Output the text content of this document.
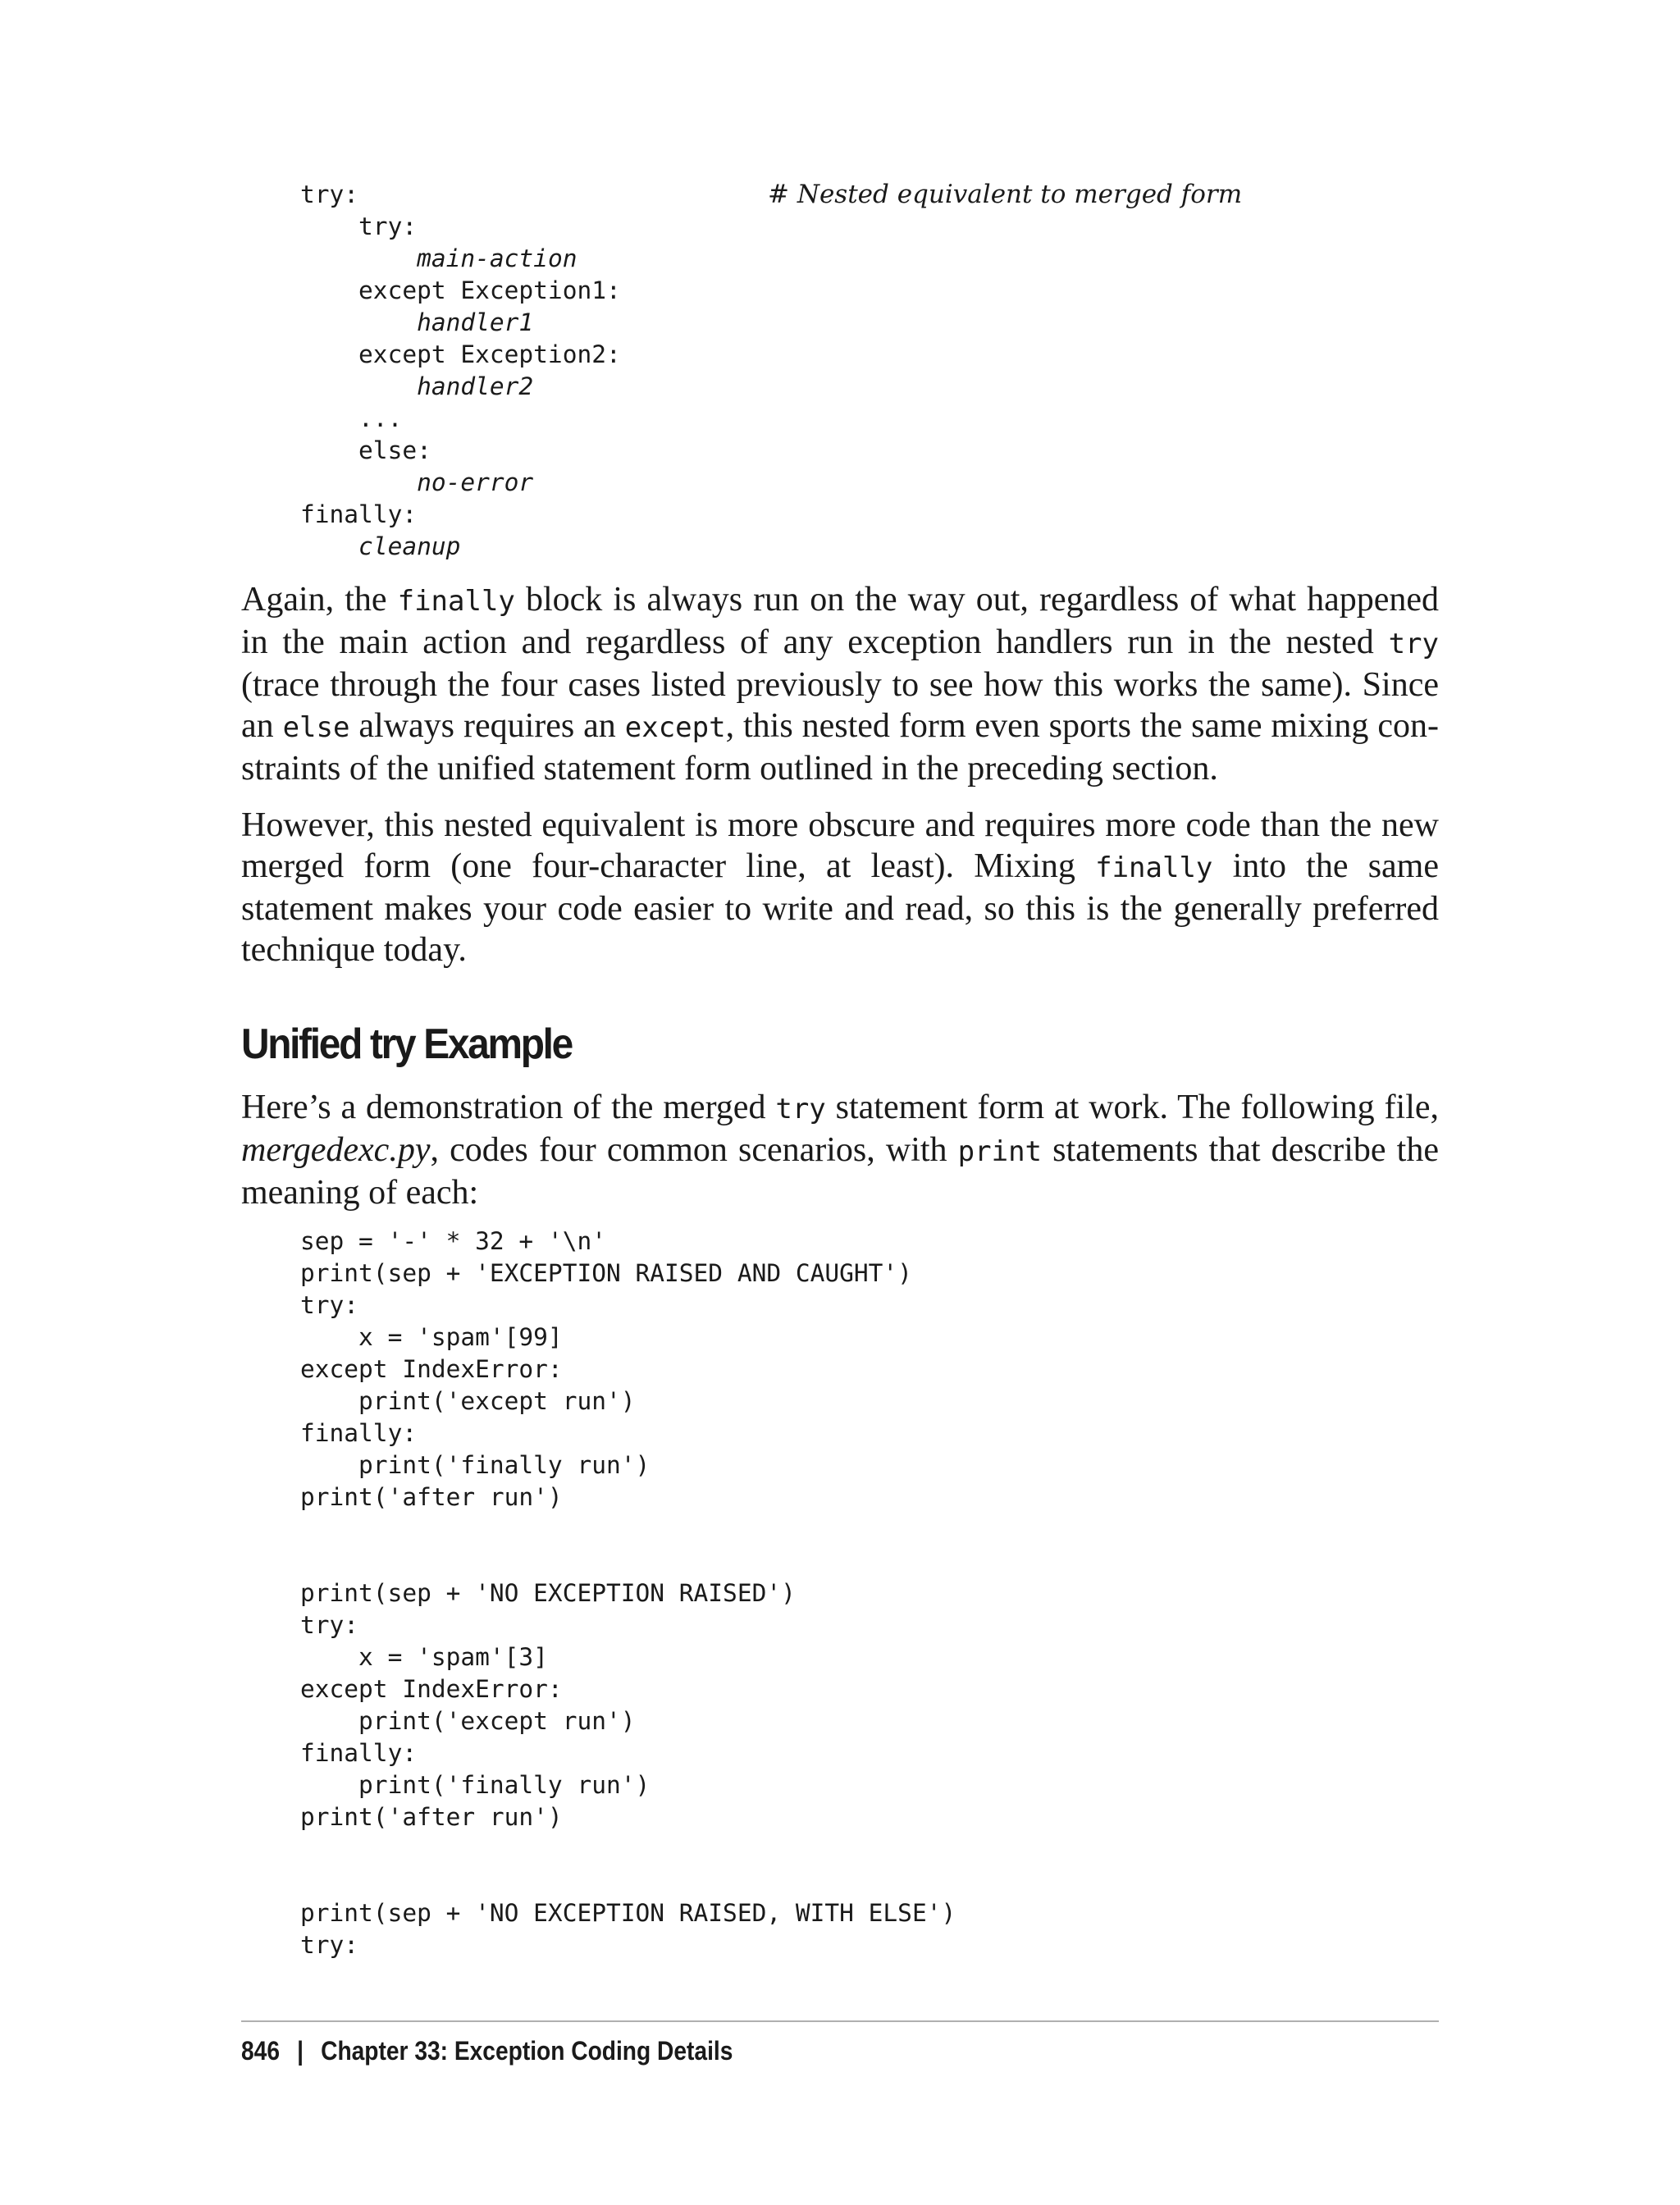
try:
try:
main-action
except Exception1:
handler1
except Exception2:
handler2
...
else:
no-error
finally:
cleanup
# Nested equivalent to merged form

Again, the finally block is always run on the way out, regardless of what happened in the main action and regardless of any exception handlers run in the nested try (trace through the four cases listed previously to see how this works the same). Since an else always requires an except, this nested form even sports the same mixing constraints of the unified statement form outlined in the preceding section.

However, this nested equivalent is more obscure and requires more code than the new merged form (one four-character line, at least). Mixing finally into the same statement makes your code easier to write and read, so this is the generally preferred technique today.

Unified try Example

Here’s a demonstration of the merged try statement form at work. The following file, mergedexc.py, codes four common scenarios, with print statements that describe the meaning of each:

sep = '-' * 32 + '\n'
print(sep + 'EXCEPTION RAISED AND CAUGHT')
try:
x = 'spam'[99]
except IndexError:
print('except run')
finally:
print('finally run')
print('after run')
print(sep + 'NO EXCEPTION RAISED')
try:
x = 'spam'[3]
except IndexError:
print('except run')
finally:
print('finally run')
print('after run')
print(sep + 'NO EXCEPTION RAISED, WITH ELSE')
try:
846 | Chapter 33: Exception Coding Details
